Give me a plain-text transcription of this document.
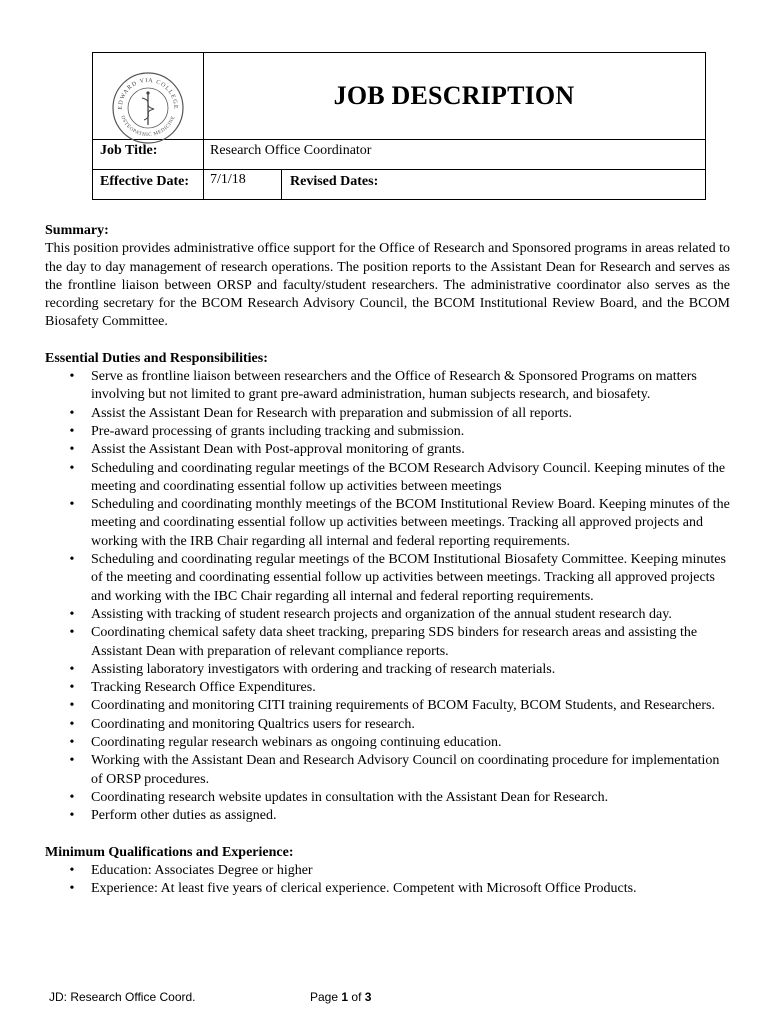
EDWARD VIA COLLEGE
OSTEOPATHIC MEDICINE
JOB DESCRIPTION
Job Title:	Research Office Coordinator
Effective Date: 7/1/18	Revised Dates:

Summary:

This position provides administrative office support for the Office of Research and Sponsored programs in areas related to the day to day management of research operations. The position reports to the Assistant Dean for Research and serves as the frontline liaison between ORSP and faculty/student researchers. The administrative coordinator also serves as the recording secretary for the BCOM Research Advisory Council, the BCOM Institutional Review Board, and the BCOM Biosafety Committee.

Essential Duties and Responsibilities:

• Serve as frontline liaison between researchers and the Office of Research & Sponsored Programs on matters involving but not limited to grant pre-award administration, human subjects research, and biosafety.
• Assist the Assistant Dean for Research with preparation and submission of all reports.
• Pre-award processing of grants including tracking and submission.
• Assist the Assistant Dean with Post-approval monitoring of grants.
• Scheduling and coordinating regular meetings of the BCOM Research Advisory Council. Keeping minutes of the meeting and coordinating essential follow up activities between meetings
• Scheduling and coordinating monthly meetings of the BCOM Institutional Review Board. Keeping minutes of the meeting and coordinating essential follow up activities between meetings. Tracking all approved projects and working with the IRB Chair regarding all internal and federal reporting requirements.
• Scheduling and coordinating regular meetings of the BCOM Institutional Biosafety Committee. Keeping minutes of the meeting and coordinating essential follow up activities between meetings. Tracking all approved projects and working with the IBC Chair regarding all internal and federal reporting requirements.
• Assisting with tracking of student research projects and organization of the annual student research day.
• Coordinating chemical safety data sheet tracking, preparing SDS binders for research areas and assisting the Assistant Dean with preparation of relevant compliance reports.
• Assisting laboratory investigators with ordering and tracking of research materials.
• Tracking Research Office Expenditures.
• Coordinating and monitoring CITI training requirements of BCOM Faculty, BCOM Students, and Researchers.
• Coordinating and monitoring Qualtrics users for research.
• Coordinating regular research webinars as ongoing continuing education.
• Working with the Assistant Dean and Research Advisory Council on coordinating procedure for implementation of ORSP procedures.
• Coordinating research website updates in consultation with the Assistant Dean for Research.
• Perform other duties as assigned.

Minimum Qualifications and Experience:

• Education: Associates Degree or higher
• Experience: At least five years of clerical experience. Competent with Microsoft Office Products.
JD: Research Office Coord.	Page 1 of 3
